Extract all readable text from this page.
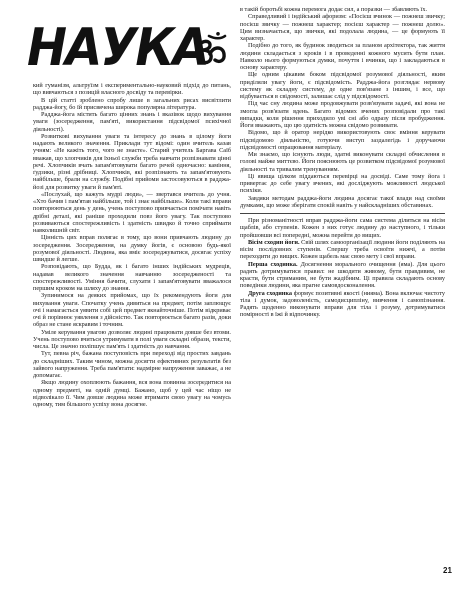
НАУКА

кий гуманізм, альтруїзм і експериментально-науковий підхід до питань, що вивчаються з позицій власного досвіду та перевірки.

В цій статті зроблено спробу лише в загальних рисах висвітлити радджа-йогу, бо їй присвячена широка популярна література.

Радджа-йога містить багато цінних знань і вказівок щодо вихування уваги (зосередження, пам'яті, використання підсвідомої психічної діяльності).

Розвиткові вихування уваги та інтересу до знань в цілому йоги надають великого значення. Приклади тут відомі: один вчитель казав учням: «Не кажіть того, чого не знаєте». Старий учитель Баргава Саїб вважав, що хлопчиків для їхньої служби треба навчати розпізнавати цінні речі. Хлопчиків вчать запам'ятовувати багато речей одночасно: каміння, ґудзики, різні дрібниці. Хлопчиків, які розпізнають та запам'ятовують найбільше, брали на службу. Подібні прийоми застосовуються в радджа-йозі для розвитку уваги й пам'яті.

«Послухай, що кажуть мудрі люди», — звертався вчитель до учня. «Хто бачив і пам'ятав найбільше, той і знає найбільше». Коли такі вправи повторюються день у день, учень поступово привчається помічати навіть дрібні деталі, які раніше проходили повз його увагу. Так поступово розвиваються спостережливість і здатність швидко й точно сприймати навколишній світ.

Цінність цих вправ полягає в тому, що вони привчають людину до зосередження. Зосередження, на думку йогів, є основою будь-якої розумової діяльності. Людина, яка вміє зосереджуватися, досягає успіху швидше й легше.

Розповідають, що Будда, як і багато інших індійських мудреців, надавав великого значення навчанню зосередженості та спостережливості. Уміння бачити, слухати і запам'ятовувати вважалося першим кроком на шляху до знання.

Зупинимося на деяких прийомах, що їх рекомендують йоги для вихування уваги. Спочатку учень дивиться на предмет, потім заплющує очі і намагається уявити собі цей предмет якнайточніше. Потім відкриває очі й порівнює уявлення з дійсністю. Так повторюється багато разів, доки образ не стане яскравим і точним.

Уміле керування увагою дозволяє людині працювати довше без втоми. Учень поступово вчиться утримувати в полі уваги складні образи, тексти, числа. Це значно поліпшує пам'ять і здатність до навчання.

Тут, певна річ, бажана поступовість при переході від простих завдань до складніших. Таким чином, можна досягти ефективних результатів без зайвого напруження. Треба пам'ятати: надмірне напруження заважає, а не допомагає.

Якщо людину охоплюють бажання, вся вона повинна зосередитися на одному предметі, на одній думці. Бажано, щоб у цей час ніщо не відволікало її. Чим довше людина може втримати свою увагу на чомусь одному, тим більшого успіху вона досягне.

в такій боротьбі кожна перемога додає сил, а поразки — збавляють їх.

Справедливий і індійський афоризм: «Посієш вчинок — пожнеш звичку; посієш звичку — пожнеш характер; посієш характер — пожнеш долю». Цим визначається, що звички, які подолала людина, — це формують її характер.

Подібно до того, як будинок зводиться за планом архітектора, так життя людини складається з кроків і в проведенні кожного мусить бути план. Навколо нього формуються думки, почуття і вчинки, що і закладаються в основу характеру.

Ще одним цікавим боком підсвідомої розумової діяльності, яким приділяли увагу йоги, є підсвідомість. Радджа-йога розглядає нервову систему як складну систему, де одне пов'язане з іншим, і все, що відбувається в свідомості, залишає слід у підсвідомості.

Під час сну людина може продовжувати розв'язувати задачі, які вона не змогла розв'язати вдень. Багато відомих вчених розповідали про такі випадки, коли рішення приходило уві сні або одразу після пробудження. Йоги вважають, що цю здатність можна свідомо розвивати.

Відомо, що й оратор нерідко використовують своє вміння керувати підсвідомою діяльністю, готуючи виступ заздалегідь і доручаючи підсвідомості опрацювання матеріалу.

Ми знаємо, що існують люди, здатні виконувати складні обчислення в голові майже миттєво. Йоги пояснюють це розвитком підсвідомої розумової діяльності та тривалим тренуванням.

Ці явища цілком піддаються перевірці на досвіді. Саме тому йога і привертає до себе увагу вчених, які досліджують можливості людської психіки.

Завдяки методам радджа-йоги людина досягає такої влади над своїми думками, що може зберігати спокій навіть у найскладніших обставинах.

При різноманітності вправ радджа-йоги сама система ділиться на вісім щаблів, або ступенів. Кожен з них готує людину до наступного, і тільки пройшовши всі попередні, можна перейти до вищих.

Вісім сходин йоги. Свій шлях самоорганізації людини йоги поділяють на вісім послідовних ступенів. Спершу треба освоїти нижчі, а потім переходити до вищих. Кожен щабель має свою мету і свої вправи.

Перша сходинка. Досягнення морального очищення (яма). Для цього радять дотримуватися правил: не шкодити живому, бути правдивим, не красти, бути стриманим, не бути жадібним. Ці правила складають основу поведінки людини, яка прагне самовдосконалення.

Друга сходинка формує позитивні якості (нияма). Вона включає чистоту тіла і думок, задоволеність, самодисципліну, вивчення і самопізнання. Радять щоденно виконувати вправи для тіла і розуму, дотримуватися помірності в їжі й відпочинку.

21
